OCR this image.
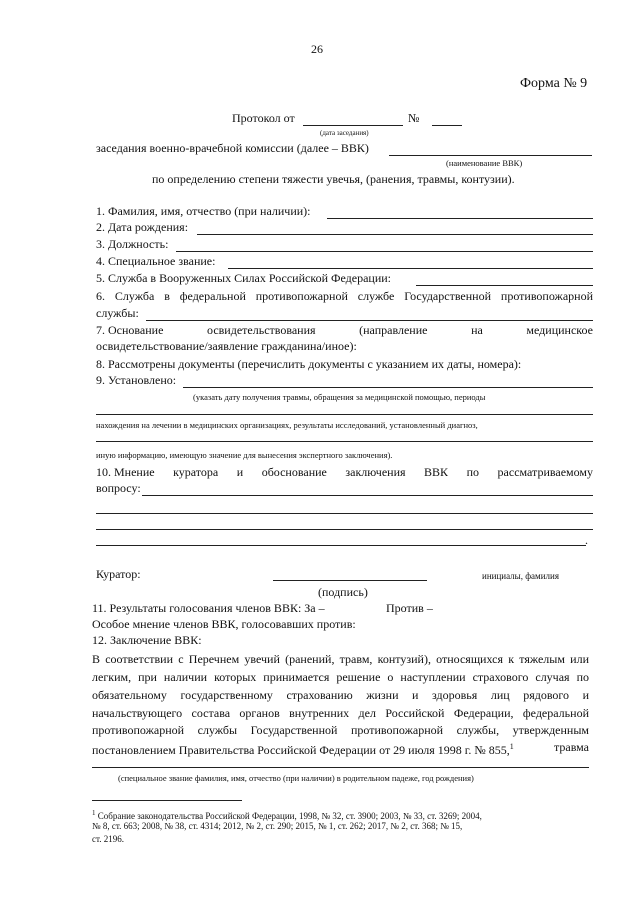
26
Форма № 9
Протокол от	№
(дата заседания)
заседания военно-врачебной комиссии (далее – ВВК)
(наименование ВВК)
по определению степени тяжести увечья, (ранения, травмы, контузии).
1. Фамилия, имя, отчество (при наличии):
2. Дата рождения:
3. Должность:
4. Специальное звание:
5. Служба в Вооруженных Силах Российской Федерации:
6. Служба в федеральной противопожарной службе Государственной противопожарной
службы:
7. Основание	освидетельствования	(направление	на	медицинское
освидетельствование/заявление гражданина/иное):
8. Рассмотрены документы (перечислить документы с указанием их даты, номера):
9. Установлено:
(указать дату получения травмы, обращения за медицинской помощью, периоды
нахождения на лечении в медицинских организациях, результаты исследований, установленный диагноз,
иную информацию, имеющую значение для вынесения экспертного заключения).
10. Мнение куратора и обоснование заключения ВВК по рассматриваемому
вопросу:
.
Куратор:	инициалы, фамилия
(подпись)
11. Результаты голосования членов ВВК: За –	Против –
Особое мнение членов ВВК, голосовавших против:
12. Заключение ВВК:
В соответствии с Перечнем увечий (ранений, травм, контузий), относящихся к тяжелым или
легким, при наличии которых принимается решение о наступлении страхового случая по
обязательному государственному страхованию жизни и здоровья лиц рядового и
начальствующего состава органов внутренних дел Российской Федерации, федеральной
противопожарной службы Государственной противопожарной службы, утвержденным
постановлением Правительства Российской Федерации от 29 июля 1998 г. № 855,$^1$	травма
(специальное звание фамилия, имя, отчество (при наличии) в родительном падеже, год рождения)
$^1$ Собрание законодательства Российской Федерации, 1998, № 32, ст. 3900; 2003, № 33, ст. 3269; 2004,
№ 8, ст. 663; 2008, № 38, ст. 4314; 2012, № 2, ст. 290; 2015, № 1, ст. 262; 2017, № 2, ст. 368; № 15,
ст. 2196.
